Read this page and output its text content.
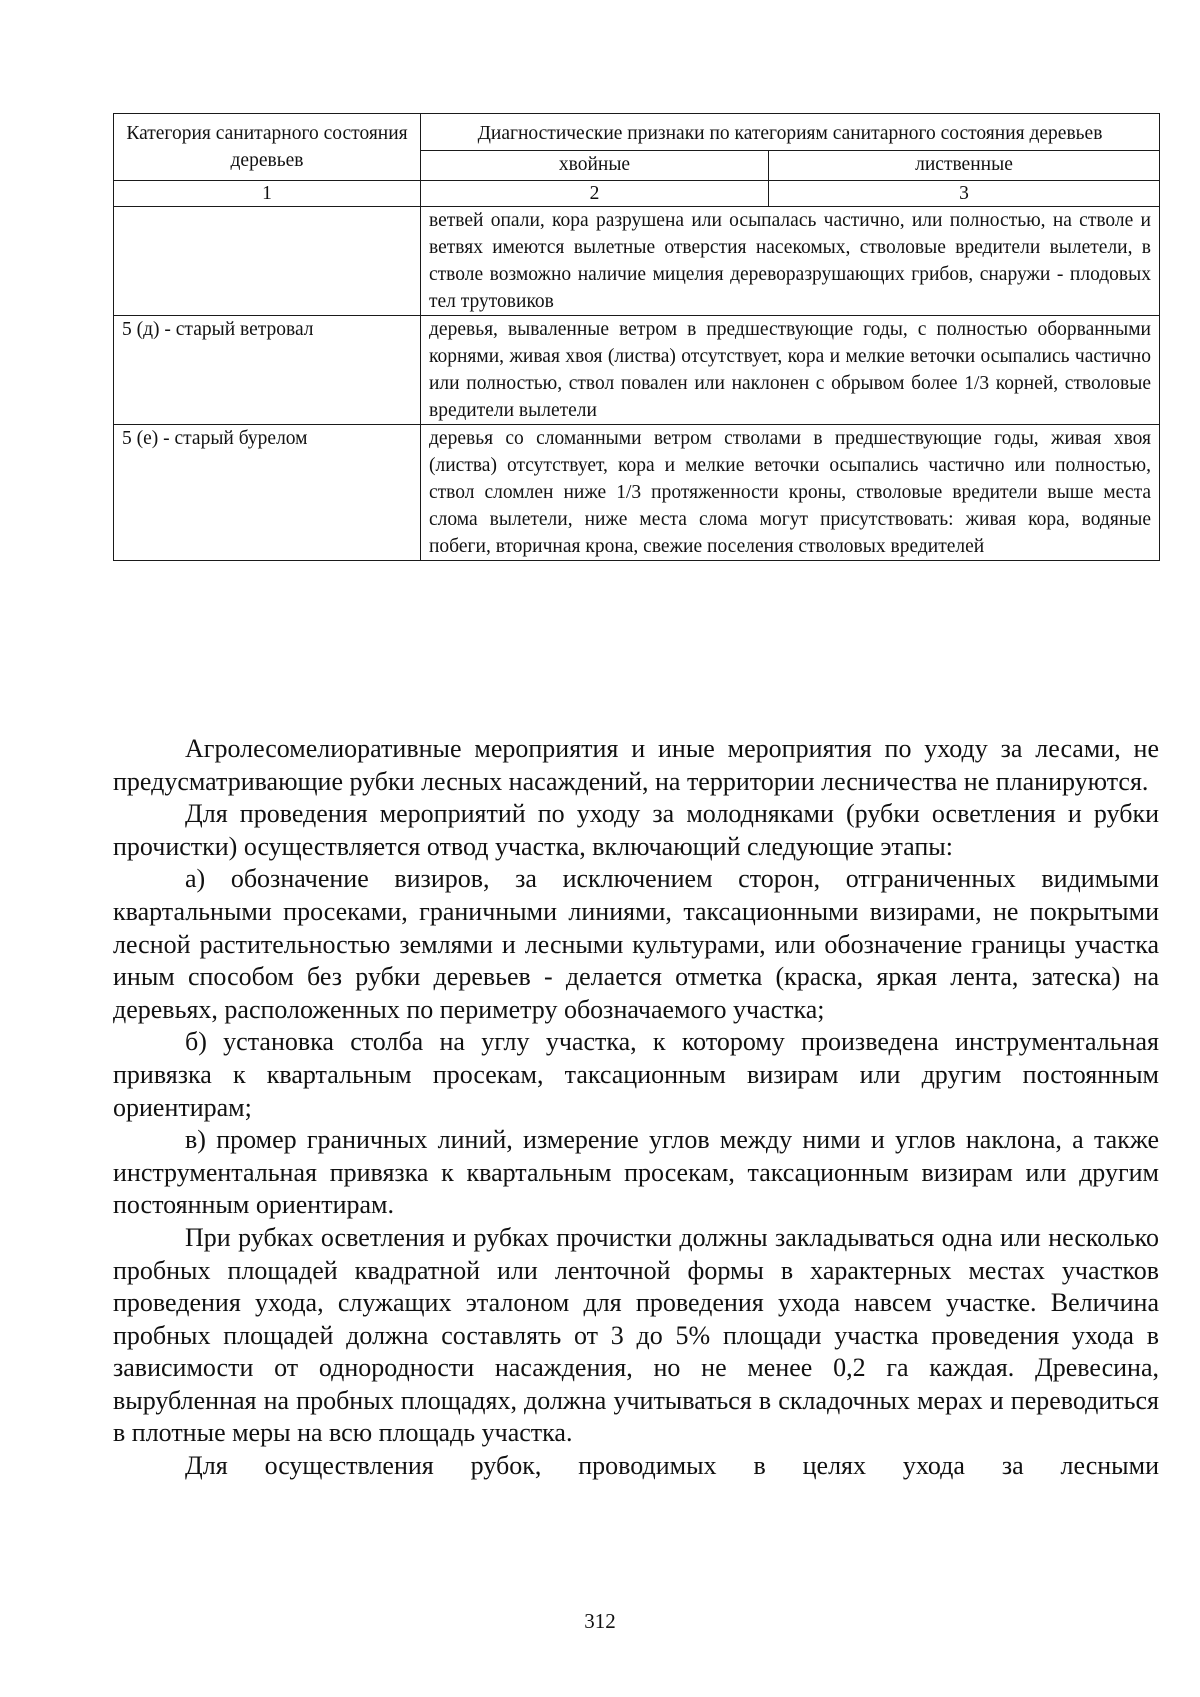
Категория санитарного состояния деревьев	Диагностические признаки по категориям санитарного состояния деревьев	
	хвойные	лиственные
1	2	3
	ветвей опали, кора разрушена или осыпалась частично, или полностью, на стволе и ветвях имеются вылетные отверстия насекомых, стволовые вредители вылетели, в стволе возможно наличие мицелия дереворазрушающих грибов, снаружи - плодовых тел трутовиков	
5 (д) - старый ветровал	деревья, вываленные ветром в предшествующие годы, с полностью оборванными корнями, живая хвоя (листва) отсутствует, кора и мелкие веточки осыпались частично или полностью, ствол повален или наклонен с обрывом более 1/3 корней, стволовые вредители вылетели	
5 (е) - старый бурелом	деревья со сломанными ветром стволами в предшествующие годы, живая хвоя (листва) отсутствует, кора и мелкие веточки осыпались частично или полностью, ствол сломлен ниже 1/3 протяженности кроны, стволовые вредители выше места слома вылетели, ниже места слома могут присутствовать: живая кора, водяные побеги, вторичная крона, свежие поселения стволовых вредителей	

Агролесомелиоративные мероприятия и иные мероприятия по уходу за лесами, не предусматривающие рубки лесных насаждений, на территории лесничества не планируются.

Для проведения мероприятий по уходу за молодняками (рубки осветления и рубки прочистки) осуществляется отвод участка, включающий следующие этапы:

а) обозначение визиров, за исключением сторон, отграниченных видимыми квартальными просеками, граничными линиями, таксационными визирами, не покрытыми лесной растительностью землями и лесными культурами, или обозначение границы участка иным способом без рубки деревьев - делается отметка (краска, яркая лента, затеска) на деревьях, расположенных по периметру обозначаемого участка;

б) установка столба на углу участка, к которому произведена инструментальная привязка к квартальным просекам, таксационным визирам или другим постоянным ориентирам;

в) промер граничных линий, измерение углов между ними и углов наклона, а также инструментальная привязка к квартальным просекам, таксационным визирам или другим постоянным ориентирам.

При рубках осветления и рубках прочистки должны закладываться одна или несколько пробных площадей квадратной или ленточной формы в характерных местах участков проведения ухода, служащих эталоном для проведения ухода навсем участке. Величина пробных площадей должна составлять от 3 до 5% площади участка проведения ухода в зависимости от однородности насаждения, но не менее 0,2 га каждая. Древесина, вырубленная на пробных площадях, должна учитываться в складочных мерах и переводиться в плотные меры на всю площадь участка.

Для осуществления рубок, проводимых в целях ухода за лесными

312
